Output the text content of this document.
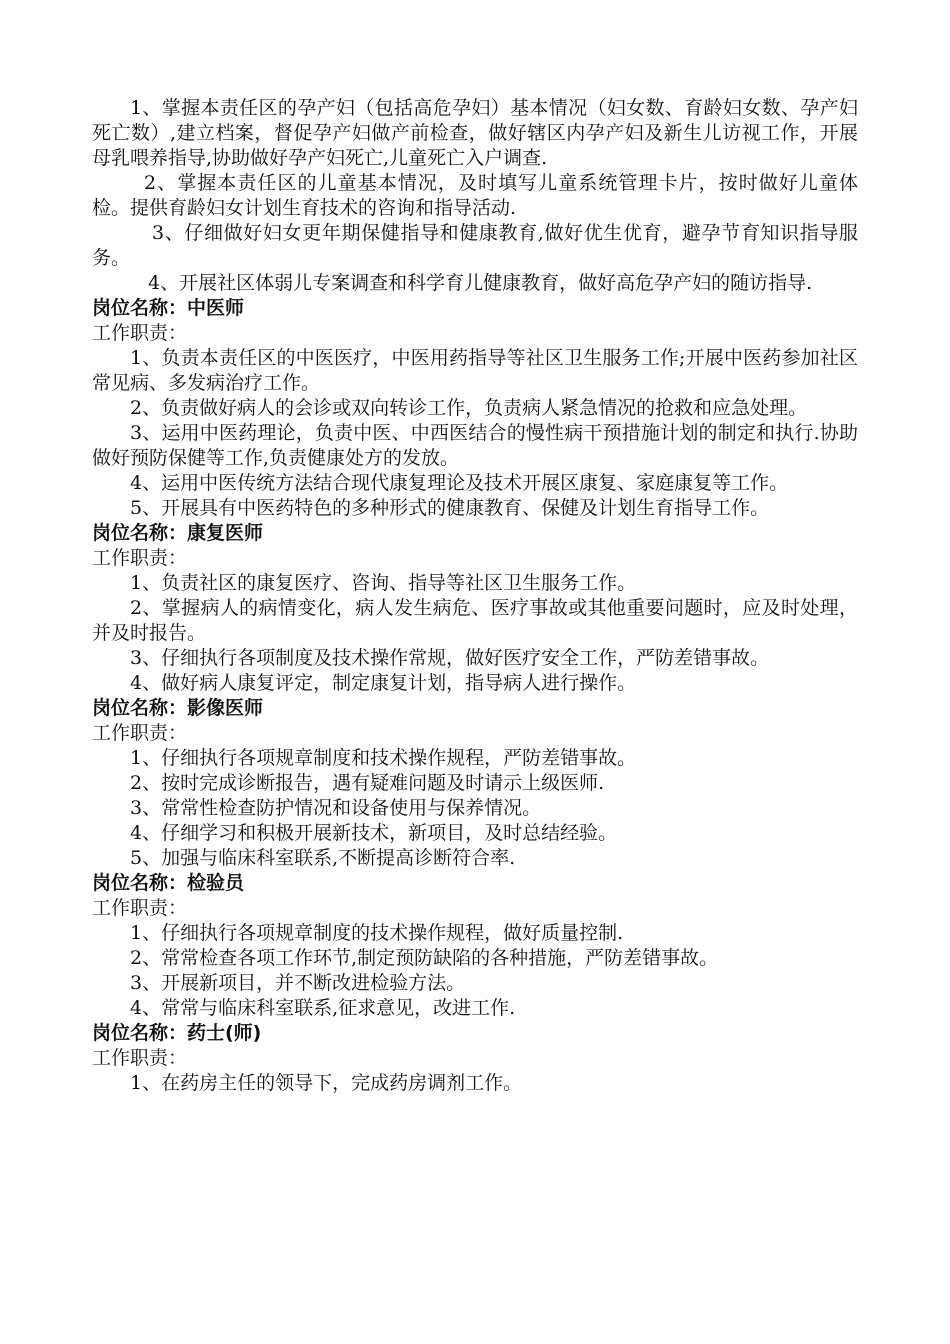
1、掌握本责任区的孕产妇（包括高危孕妇）基本情况（妇女数、育龄妇女数、孕产妇死亡数）,建立档案，督促孕产妇做产前检查，做好辖区内孕产妇及新生儿访视工作，开展母乳喂养指导,协助做好孕产妇死亡,儿童死亡入户调查.

2、掌握本责任区的儿童基本情况，及时填写儿童系统管理卡片，按时做好儿童体检。提供育龄妇女计划生育技术的咨询和指导活动.

3、仔细做好妇女更年期保健指导和健康教育,做好优生优育，避孕节育知识指导服务。

4、开展社区体弱儿专案调查和科学育儿健康教育，做好高危孕产妇的随访指导.

岗位名称：中医师

工作职责：

1、负责本责任区的中医医疗，中医用药指导等社区卫生服务工作;开展中医药参加社区常见病、多发病治疗工作。

2、负责做好病人的会诊或双向转诊工作，负责病人紧急情况的抢救和应急处理。

3、运用中医药理论，负责中医、中西医结合的慢性病干预措施计划的制定和执行.协助做好预防保健等工作,负责健康处方的发放。

4、运用中医传统方法结合现代康复理论及技术开展区康复、家庭康复等工作。

5、开展具有中医药特色的多种形式的健康教育、保健及计划生育指导工作。

岗位名称：康复医师

工作职责：

1、负责社区的康复医疗、咨询、指导等社区卫生服务工作。

2、掌握病人的病情变化，病人发生病危、医疗事故或其他重要问题时，应及时处理，并及时报告。

3、仔细执行各项制度及技术操作常规，做好医疗安全工作，严防差错事故。

4、做好病人康复评定，制定康复计划，指导病人进行操作。

岗位名称：影像医师

工作职责：

1、仔细执行各项规章制度和技术操作规程，严防差错事故。

2、按时完成诊断报告，遇有疑难问题及时请示上级医师.

3、常常性检查防护情况和设备使用与保养情况。

4、仔细学习和积极开展新技术，新项目，及时总结经验。

5、加强与临床科室联系,不断提高诊断符合率.

岗位名称：检验员

工作职责：

1、仔细执行各项规章制度的技术操作规程，做好质量控制.

2、常常检查各项工作环节,制定预防缺陷的各种措施，严防差错事故。

3、开展新项目，并不断改进检验方法。

4、常常与临床科室联系,征求意见，改进工作.

岗位名称：药士(师)

工作职责：

1、在药房主任的领导下，完成药房调剂工作。
